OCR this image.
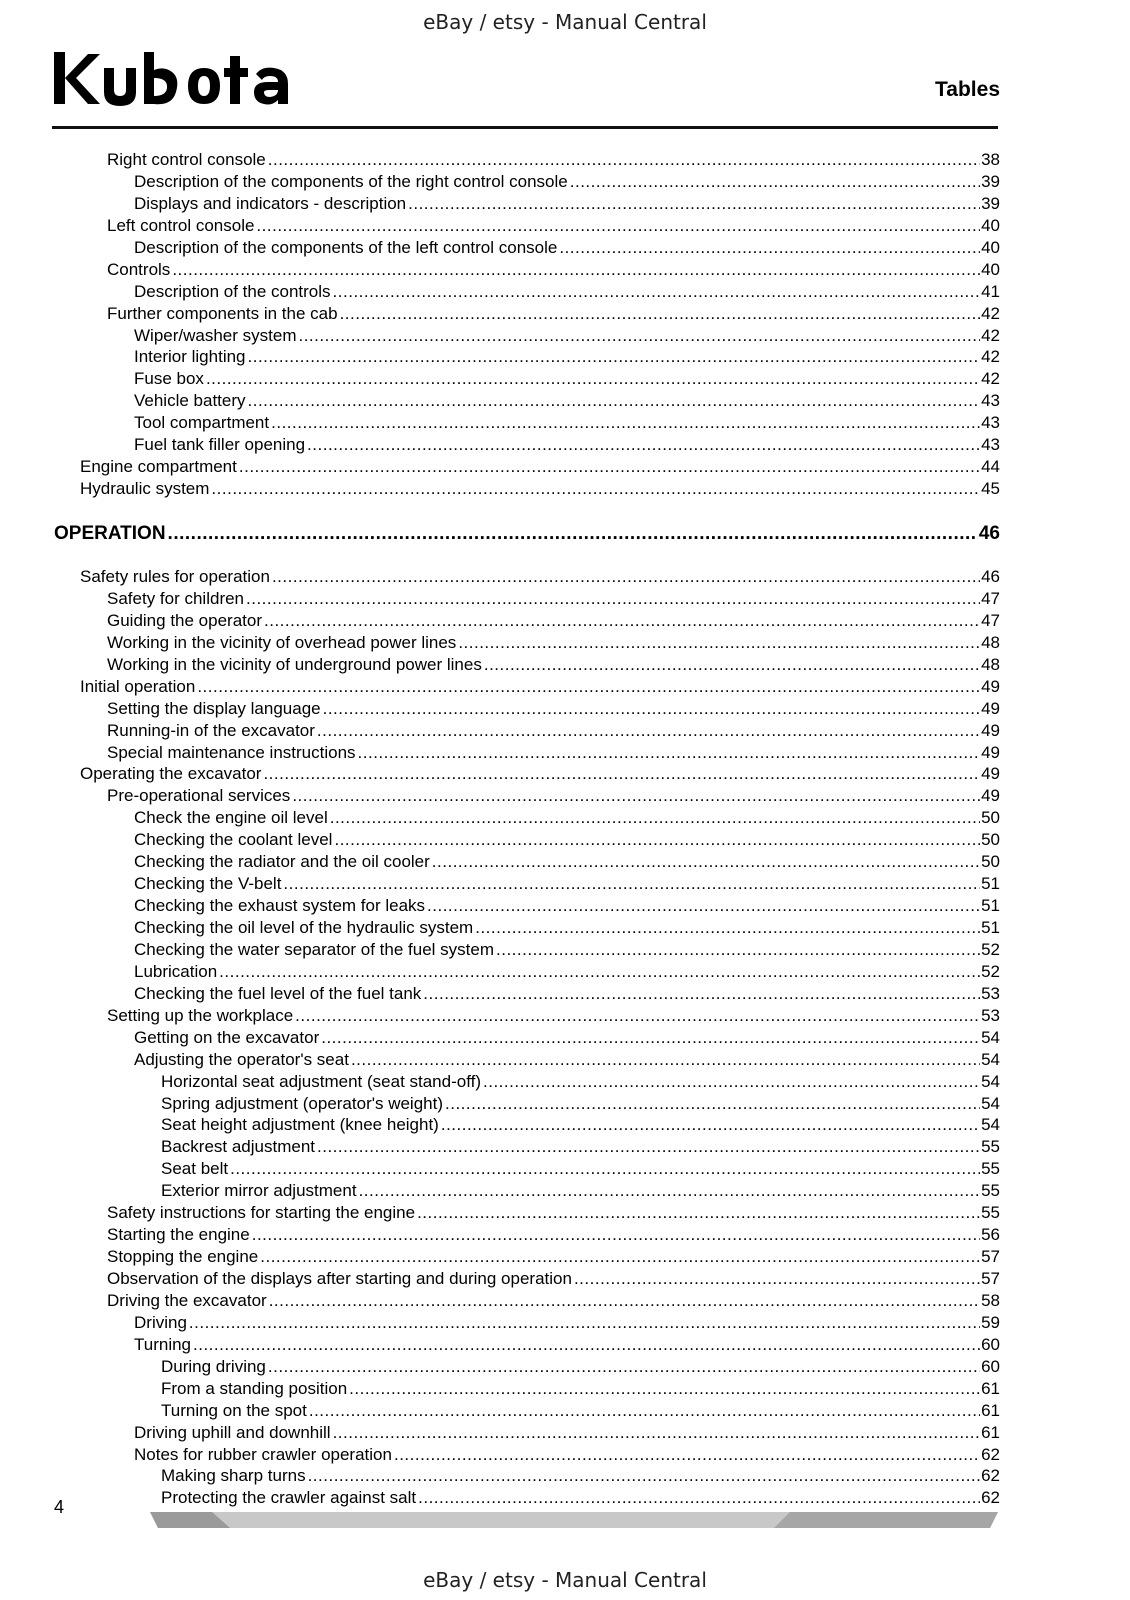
eBay / etsy - Manual Central
Tables
Right control console .....	38
Description of the components of the right control console .....	39
Displays and indicators - description .....	39
Left control console .....	40
Description of the components of the left control console .....	40
Controls .....	40
Description of the controls .....	41
Further components in the cab .....	42
Wiper/washer system .....	42
Interior lighting .....	42
Fuse box .....	42
Vehicle battery .....	43
Tool compartment .....	43
Fuel tank filler opening .....	43
Engine compartment .....	44
Hydraulic system .....	45
OPERATION .....	46
Safety rules for operation .....	46
Safety for children .....	47
Guiding the operator .....	47
Working in the vicinity of overhead power lines .....	48
Working in the vicinity of underground power lines .....	48
Initial operation .....	49
Setting the display language .....	49
Running-in of the excavator .....	49
Special maintenance instructions .....	49
Operating the excavator .....	49
Pre-operational services .....	49
Check the engine oil level .....	50
Checking the coolant level .....	50
Checking the radiator and the oil cooler .....	50
Checking the V-belt .....	51
Checking the exhaust system for leaks .....	51
Checking the oil level of the hydraulic system .....	51
Checking the water separator of the fuel system .....	52
Lubrication .....	52
Checking the fuel level of the fuel tank .....	53
Setting up the workplace .....	53
Getting on the excavator .....	54
Adjusting the operator's seat .....	54
Horizontal seat adjustment (seat stand-off) .....	54
Spring adjustment (operator's weight) .....	54
Seat height adjustment (knee height) .....	54
Backrest adjustment .....	55
Seat belt .....	55
Exterior mirror adjustment .....	55
Safety instructions for starting the engine .....	55
Starting the engine .....	56
Stopping the engine .....	57
Observation of the displays after starting and during operation .....	57
Driving the excavator .....	58
Driving .....	59
Turning .....	60
During driving .....	60
From a standing position .....	61
Turning on the spot .....	61
Driving uphill and downhill .....	61
Notes for rubber crawler operation .....	62
Making sharp turns .....	62
Protecting the crawler against salt .....	62
4
eBay / etsy - Manual Central
